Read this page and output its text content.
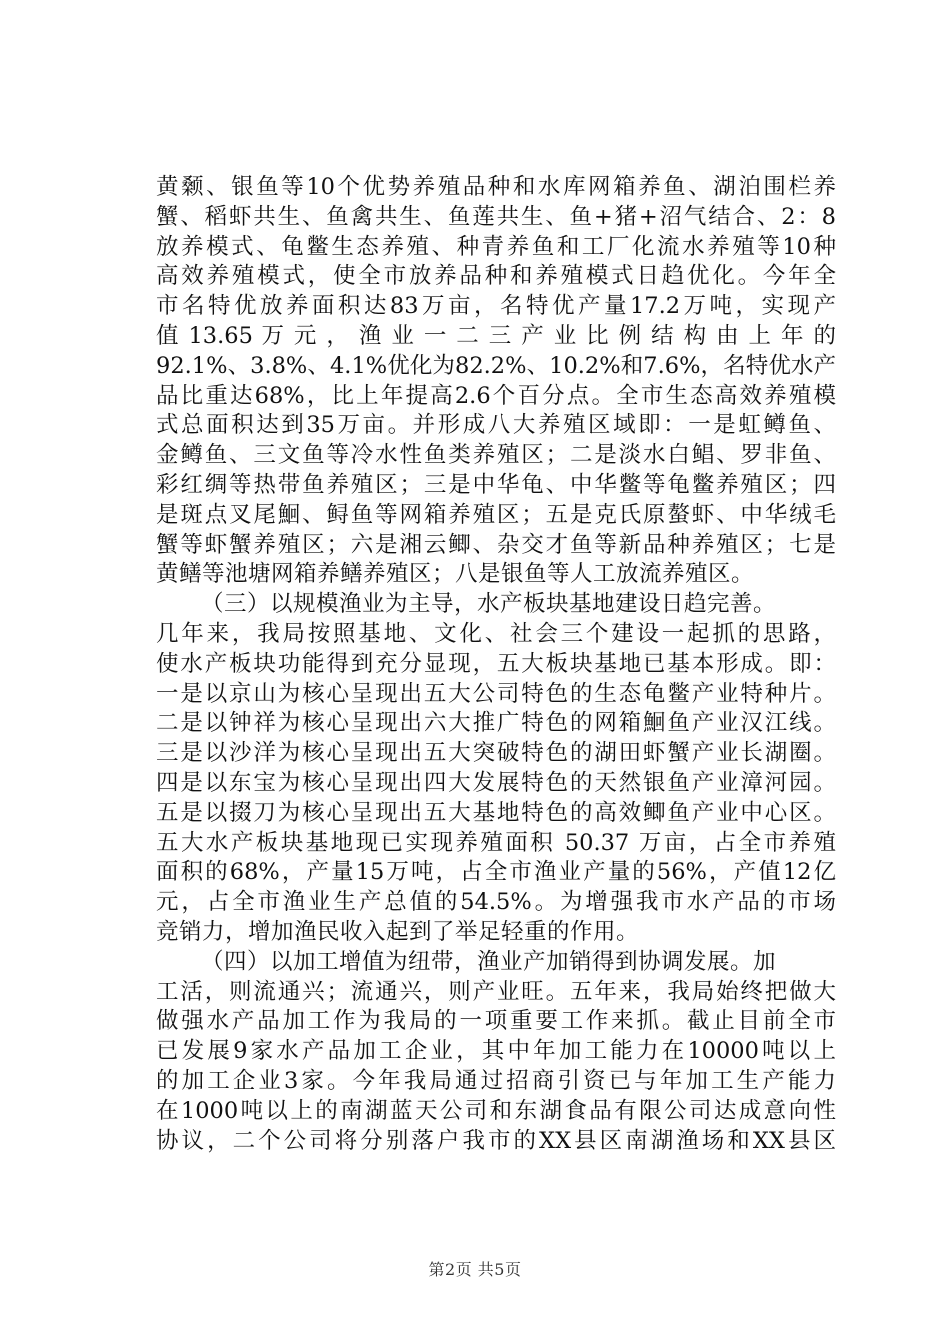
黄颡、银鱼等10个优势养殖品种和水库网箱养鱼、湖泊围栏养
蟹、稻虾共生、鱼禽共生、鱼莲共生、鱼+猪+沼气结合、2：8
放养模式、龟鳖生态养殖、种青养鱼和工厂化流水养殖等10种
高效养殖模式，使全市放养品种和养殖模式日趋优化。今年全
市名特优放养面积达83万亩，名特优产量17.2万吨，实现产
值 13.65 万 元 ， 渔 业 一 二 三 产 业 比 例 结 构 由 上 年 的
92.1%、3.8%、4.1%优化为82.2%、10.2%和7.6%，名特优水产
品比重达68%，比上年提高2.6个百分点。全市生态高效养殖模
式总面积达到35万亩。并形成八大养殖区域即：一是虹鳟鱼、
金鳟鱼、三文鱼等冷水性鱼类养殖区；二是淡水白鲳、罗非鱼、
彩红绸等热带鱼养殖区；三是中华龟、中华鳖等龟鳖养殖区；四
是斑点叉尾鮰、鲟鱼等网箱养殖区；五是克氏原螯虾、中华绒毛
蟹等虾蟹养殖区；六是湘云鲫、杂交才鱼等新品种养殖区；七是
黄鳝等池塘网箱养鳝养殖区；八是银鱼等人工放流养殖区。
（三）以规模渔业为主导，水产板块基地建设日趋完善。
几年来，我局按照基地、文化、社会三个建设一起抓的思路，
使水产板块功能得到充分显现，五大板块基地已基本形成。即：
一是以京山为核心呈现出五大公司特色的生态龟鳖产业特种片。
二是以钟祥为核心呈现出六大推广特色的网箱鮰鱼产业汉江线。
三是以沙洋为核心呈现出五大突破特色的湖田虾蟹产业长湖圈。
四是以东宝为核心呈现出四大发展特色的天然银鱼产业漳河园。
五是以掇刀为核心呈现出五大基地特色的高效鲫鱼产业中心区。
五大水产板块基地现已实现养殖面积 50.37 万亩，占全市养殖
面积的68%，产量15万吨，占全市渔业产量的56%，产值12亿
元，占全市渔业生产总值的54.5%。为增强我市水产品的市场
竞销力，增加渔民收入起到了举足轻重的作用。
（四）以加工增值为纽带，渔业产加销得到协调发展。加
工活，则流通兴；流通兴，则产业旺。五年来，我局始终把做大
做强水产品加工作为我局的一项重要工作来抓。截止目前全市
已发展9家水产品加工企业，其中年加工能力在10000吨以上
的加工企业3家。今年我局通过招商引资已与年加工生产能力
在1000吨以上的南湖蓝天公司和东湖食品有限公司达成意向性
协议，二个公司将分别落户我市的XX县区南湖渔场和XX县区
第2页 共5页
